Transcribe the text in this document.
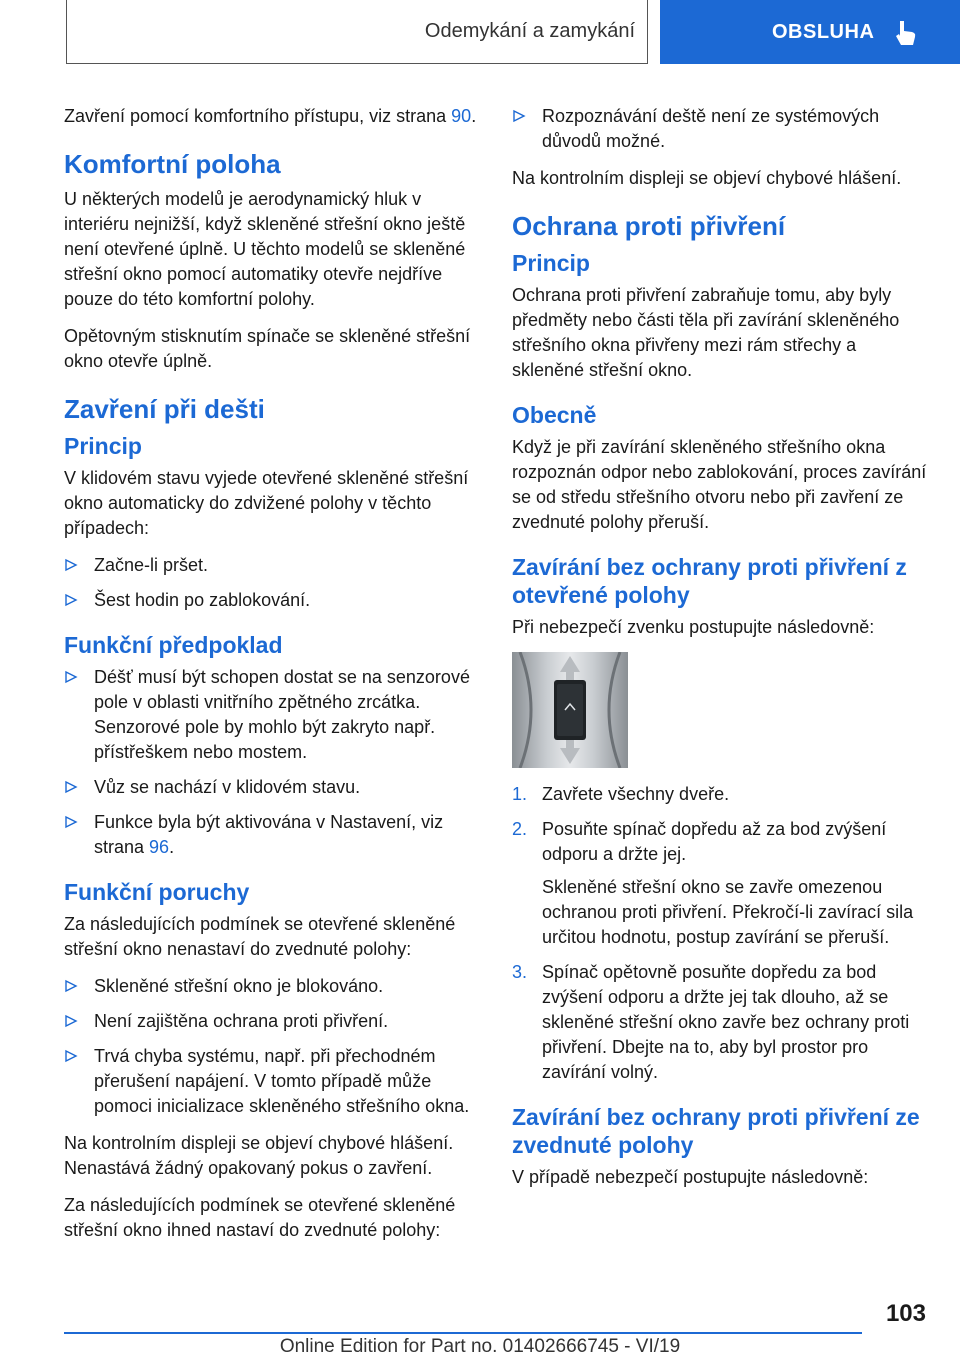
Odemykání a zamykání	OBSLUHA

Zavření pomocí komfortního přístupu, viz strana 90.

Komfortní poloha

U některých modelů je aerodynamický hluk v interiéru nejnižší, když skleněné střešní okno ještě není otevřené úplně. U těchto modelů se skleněné střešní okno pomocí automatiky otevře nejdříve pouze do této komfortní polohy.

Opětovným stisknutím spínače se skleněné střešní okno otevře úplně.

Zavření při dešti
Princip

V klidovém stavu vyjede otevřené skleněné střešní okno automaticky do zdvižené polohy v těchto případech:

Začne-li pršet.
Šest hodin po zablokování.
Funkční předpoklad
Déšť musí být schopen dostat se na senzorové pole v oblasti vnitřního zpětného zrcátka. Senzorové pole by mohlo být zakryto např. přístřeškem nebo mostem.
Vůz se nachází v klidovém stavu.
Funkce byla být aktivována v Nastavení, viz strana 96.
Funkční poruchy

Za následujících podmínek se otevřené skleněné střešní okno nenastaví do zvednuté polohy:

Skleněné střešní okno je blokováno.
Není zajištěna ochrana proti přivření.
Trvá chyba systému, např. při přechodném přerušení napájení. V tomto případě může pomoci inicializace skleněného střešního okna.

Na kontrolním displeji se objeví chybové hlášení. Nenastává žádný opakovaný pokus o zavření.

Za následujících podmínek se otevřené skleněné střešní okno ihned nastaví do zvednuté polohy:

Rozpoznávání deště není ze systémových důvodů možné.

Na kontrolním displeji se objeví chybové hlášení.

Ochrana proti přivření
Princip

Ochrana proti přivření zabraňuje tomu, aby byly předměty nebo části těla při zavírání skleněného střešního okna přivřeny mezi rám střechy a skleněné střešní okno.

Obecně

Když je při zavírání skleněného střešního okna rozpoznán odpor nebo zablokování, proces zavírání se od středu střešního otvoru nebo při zavření ze zvednuté polohy přeruší.

Zavírání bez ochrany proti přivření z otevřené polohy

Při nebezpečí zvenku postupujte následovně:

1. Zavřete všechny dveře.
2. Posuňte spínač dopředu až za bod zvýšení odporu a držte jej.
Skleněné střešní okno se zavře omezenou ochranou proti přivření. Překročí-li zavírací sila určitou hodnotu, postup zavírání se přeruší.
3. Spínač opětovně posuňte dopředu za bod zvýšení odporu a držte jej tak dlouho, až se skleněné střešní okno zavře bez ochrany proti přivření. Dbejte na to, aby byl prostor pro zavírání volný.
Zavírání bez ochrany proti přivření ze zvednuté polohy

V případě nebezpečí postupujte následovně:

103
Online Edition for Part no. 01402666745 - VI/19
